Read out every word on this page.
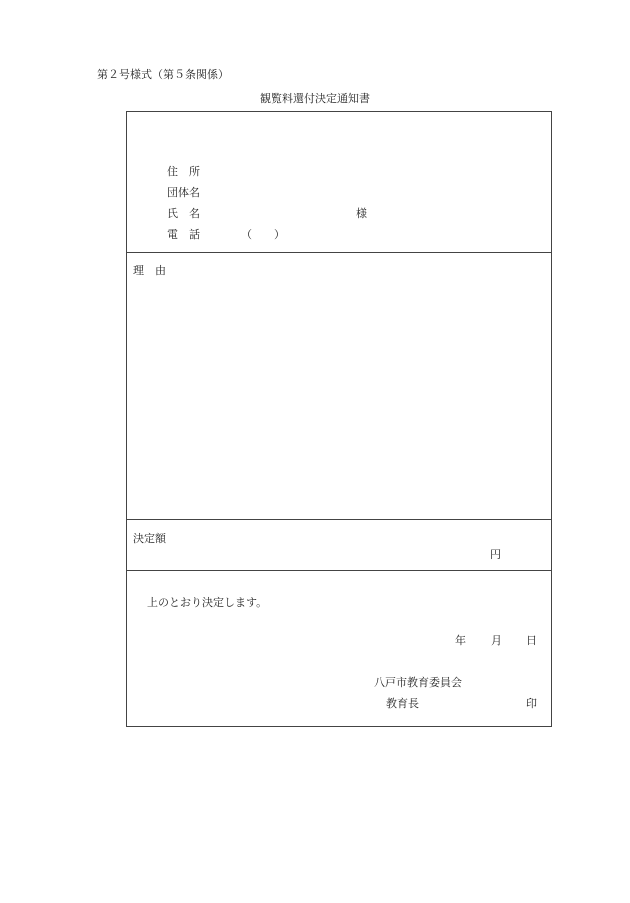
第２号様式（第５条関係）
観覧料還付決定通知書
住　所
団体名
氏　名	様
電　話	（　　）
理　由
決定額
円
上のとおり決定します。
年 月 日
八戸市教育委員会
教育長	印
